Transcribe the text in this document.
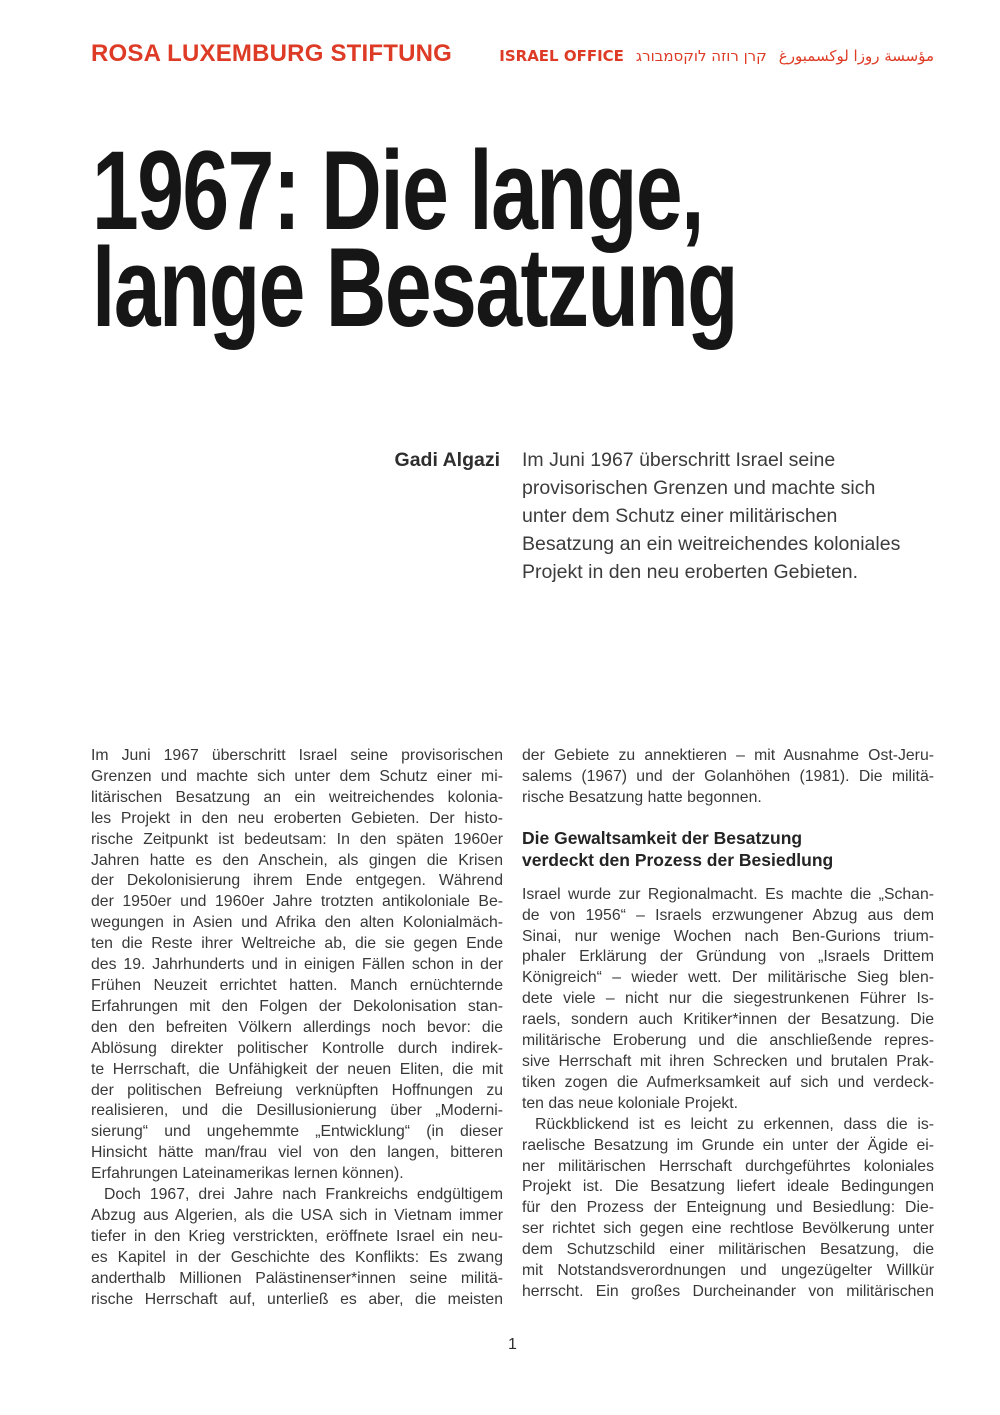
ROSA LUXEMBURG STIFTUNG	ISRAEL OFFICE קרן רוזה לוקסמבורג مؤسسة روزا لوكسمبورغ
1967: Die lange,
lange Besatzung
Gadi Algazi Im Juni 1967 überschritt Israel seine
provisorischen Grenzen und machte sich
unter dem Schutz einer militärischen
Besatzung an ein weitreichendes koloniales
Projekt in den neu eroberten Gebieten.
Im Juni 1967 überschritt Israel seine provisorischen
Grenzen und machte sich unter dem Schutz einer mi-
litärischen Besatzung an ein weitreichendes kolonia-
les Projekt in den neu eroberten Gebieten. Der histo-
rische Zeitpunkt ist bedeutsam: In den späten 1960er
Jahren hatte es den Anschein, als gingen die Krisen
der Dekolonisierung ihrem Ende entgegen. Während
der 1950er und 1960er Jahre trotzten antikoloniale Be-
wegungen in Asien und Afrika den alten Kolonialmäch-
ten die Reste ihrer Weltreiche ab, die sie gegen Ende
des 19. Jahrhunderts und in einigen Fällen schon in der
Frühen Neuzeit errichtet hatten. Manch ernüchternde
Erfahrungen mit den Folgen der Dekolonisation stan-
den den befreiten Völkern allerdings noch bevor: die
Ablösung direkter politischer Kontrolle durch indirek-
te Herrschaft, die Unfähigkeit der neuen Eliten, die mit
der politischen Befreiung verknüpften Hoffnungen zu
realisieren, und die Desillusionierung über „Moderni-
sierung“ und ungehemmte „Entwicklung“ (in dieser
Hinsicht hätte man/frau viel von den langen, bitteren
Erfahrungen Lateinamerikas lernen können).
Doch 1967, drei Jahre nach Frankreichs endgültigem
Abzug aus Algerien, als die USA sich in Vietnam immer
tiefer in den Krieg verstrickten, eröffnete Israel ein neu-
es Kapitel in der Geschichte des Konflikts: Es zwang
anderthalb Millionen Palästinenser*innen seine militä-
rische Herrschaft auf, unterließ es aber, die meisten
der Gebiete zu annektieren – mit Ausnahme Ost-Jeru-
salems (1967) und der Golanhöhen (1981). Die militä-
rische Besatzung hatte begonnen.
Die Gewaltsamkeit der Besatzung
verdeckt den Prozess der Besiedlung
Israel wurde zur Regionalmacht. Es machte die „Schan-
de von 1956“ – Israels erzwungener Abzug aus dem
Sinai, nur wenige Wochen nach Ben-Gurions trium-
phaler Erklärung der Gründung von „Israels Drittem
Königreich“ – wieder wett. Der militärische Sieg blen-
dete viele – nicht nur die siegestrunkenen Führer Is-
raels, sondern auch Kritiker*innen der Besatzung. Die
militärische Eroberung und die anschließende repres-
sive Herrschaft mit ihren Schrecken und brutalen Prak-
tiken zogen die Aufmerksamkeit auf sich und verdeck-
ten das neue koloniale Projekt.
Rückblickend ist es leicht zu erkennen, dass die is-
raelische Besatzung im Grunde ein unter der Ägide ei-
ner militärischen Herrschaft durchgeführtes koloniales
Projekt ist. Die Besatzung liefert ideale Bedingungen
für den Prozess der Enteignung und Besiedlung: Die-
ser richtet sich gegen eine rechtlose Bevölkerung unter
dem Schutzschild einer militärischen Besatzung, die
mit Notstandsverordnungen und ungezügelter Willkür
herrscht. Ein großes Durcheinander von militärischen
1
